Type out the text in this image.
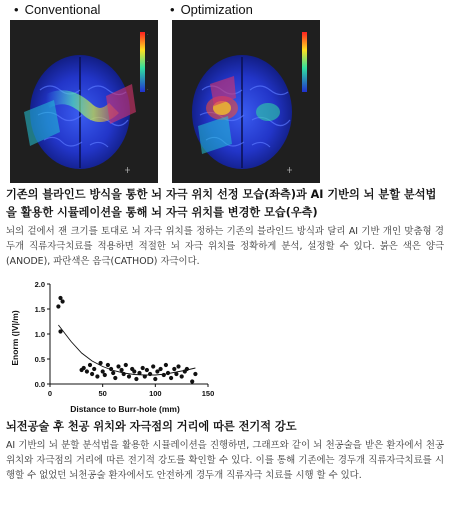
• Conventional	• Optimization
-
-
-
기존의 블라인드 방식을 통한 뇌 자극 위치 선정 모습(좌측)과 AI 기반의 뇌 분할 분석법을 활용한 시뮬레이션을 통해 뇌 자극 위치를 변경한 모습(우측)
뇌의 겉에서 잰 크기를 토대로 뇌 자극 위치를 정하는 기존의 블라인드 방식과 달리 AI 기반 개인 맞춤형 경두개 직류자극치료를 적용하면 적절한 뇌 자극 위치를 정확하게 분석, 설정할 수 있다. 붉은 색은 양극(ANODE), 파란색은 음극(CATHOD) 자극이다.
0.0
0.5
1.0
1.5
2.0
0	50	100	150
Distance to Burr-hole (mm)
Enorm (|V|/m)
뇌전공술 후 천공 위치와 자극점의 거리에 따른 전기적 강도
AI 기반의 뇌 분할 분석법을 활용한 시뮬레이션을 진행하면, 그래프와 같이 뇌 천공술을 받은 환자에서 천공 위치와 자극점의 거리에 따른 전기적 강도를 확인할 수 있다. 이를 통해 기존에는 경두개 직류자극치료를 시행할 수 없었던 뇌천공술 환자에서도 안전하게 경두개 직류자극 치료를 시행 할 수 있다.
